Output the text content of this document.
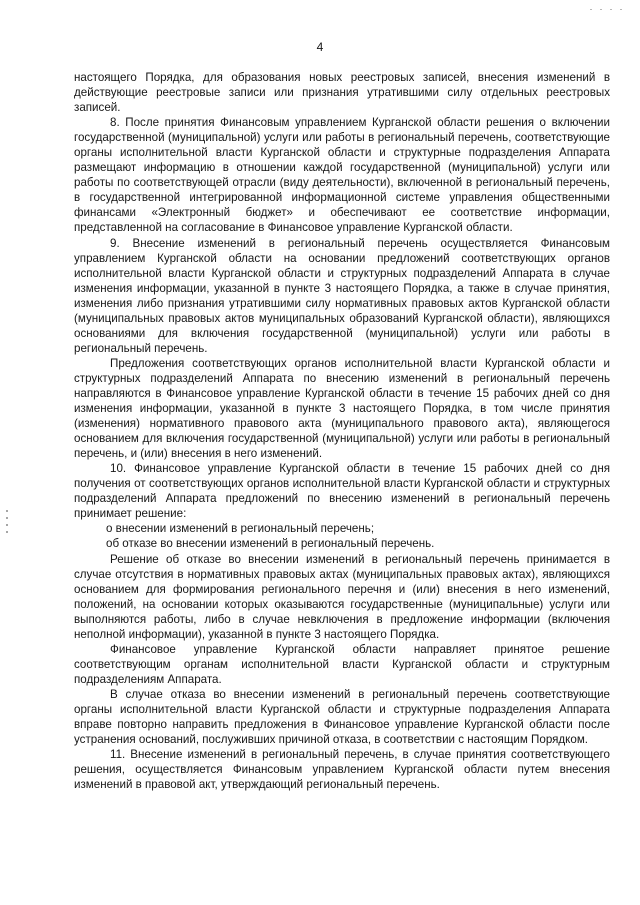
4

настоящего Порядка, для образования новых реестровых записей, внесения изменений в действующие реестровые записи или признания утратившими силу отдельных реестровых записей.

8. После принятия Финансовым управлением Курганской области решения о включении государственной (муниципальной) услуги или работы в региональный перечень, соответствующие органы исполнительной власти Курганской области и структурные подразделения Аппарата размещают информацию в отношении каждой государственной (муниципальной) услуги или работы по соответствующей отрасли (виду деятельности), включенной в региональный перечень, в государственной интегрированной информационной системе управления общественными финансами «Электронный бюджет» и обеспечивают ее соответствие информации, представленной на согласование в Финансовое управление Курганской области.

9. Внесение изменений в региональный перечень осуществляется Финансовым управлением Курганской области на основании предложений соответствующих органов исполнительной власти Курганской области и структурных подразделений Аппарата в случае изменения информации, указанной в пункте 3 настоящего Порядка, а также в случае принятия, изменения либо признания утратившими силу нормативных правовых актов Курганской области (муниципальных правовых актов муниципальных образований Курганской области), являющихся основаниями для включения государственной (муниципальной) услуги или работы в региональный перечень.

Предложения соответствующих органов исполнительной власти Курганской области и структурных подразделений Аппарата по внесению изменений в региональный перечень направляются в Финансовое управление Курганской области в течение 15 рабочих дней со дня изменения информации, указанной в пункте 3 настоящего Порядка, в том числе принятия (изменения) нормативного правового акта (муниципального правового акта), являющегося основанием для включения государственной (муниципальной) услуги или работы в региональный перечень, и (или) внесения в него изменений.

10. Финансовое управление Курганской области в течение 15 рабочих дней со дня получения от соответствующих органов исполнительной власти Курганской области и структурных подразделений Аппарата предложений по внесению изменений в региональный перечень принимает решение:

о внесении изменений в региональный перечень;

об отказе во внесении изменений в региональный перечень.

Решение об отказе во внесении изменений в региональный перечень принимается в случае отсутствия в нормативных правовых актах (муниципальных правовых актах), являющихся основанием для формирования регионального перечня и (или) внесения в него изменений, положений, на основании которых оказываются государственные (муниципальные) услуги или выполняются работы, либо в случае невключения в предложение информации (включения неполной информации), указанной в пункте 3 настоящего Порядка.

Финансовое управление Курганской области направляет принятое решение соответствующим органам исполнительной власти Курганской области и структурным подразделениям Аппарата.

В случае отказа во внесении изменений в региональный перечень соответствующие органы исполнительной власти Курганской области и структурные подразделения Аппарата вправе повторно направить предложения в Финансовое управление Курганской области после устранения оснований, послуживших причиной отказа, в соответствии с настоящим Порядком.

11. Внесение изменений в региональный перечень, в случае принятия соответствующего решения, осуществляется Финансовым управлением Курганской области путем внесения изменений в правовой акт, утверждающий региональный перечень.
